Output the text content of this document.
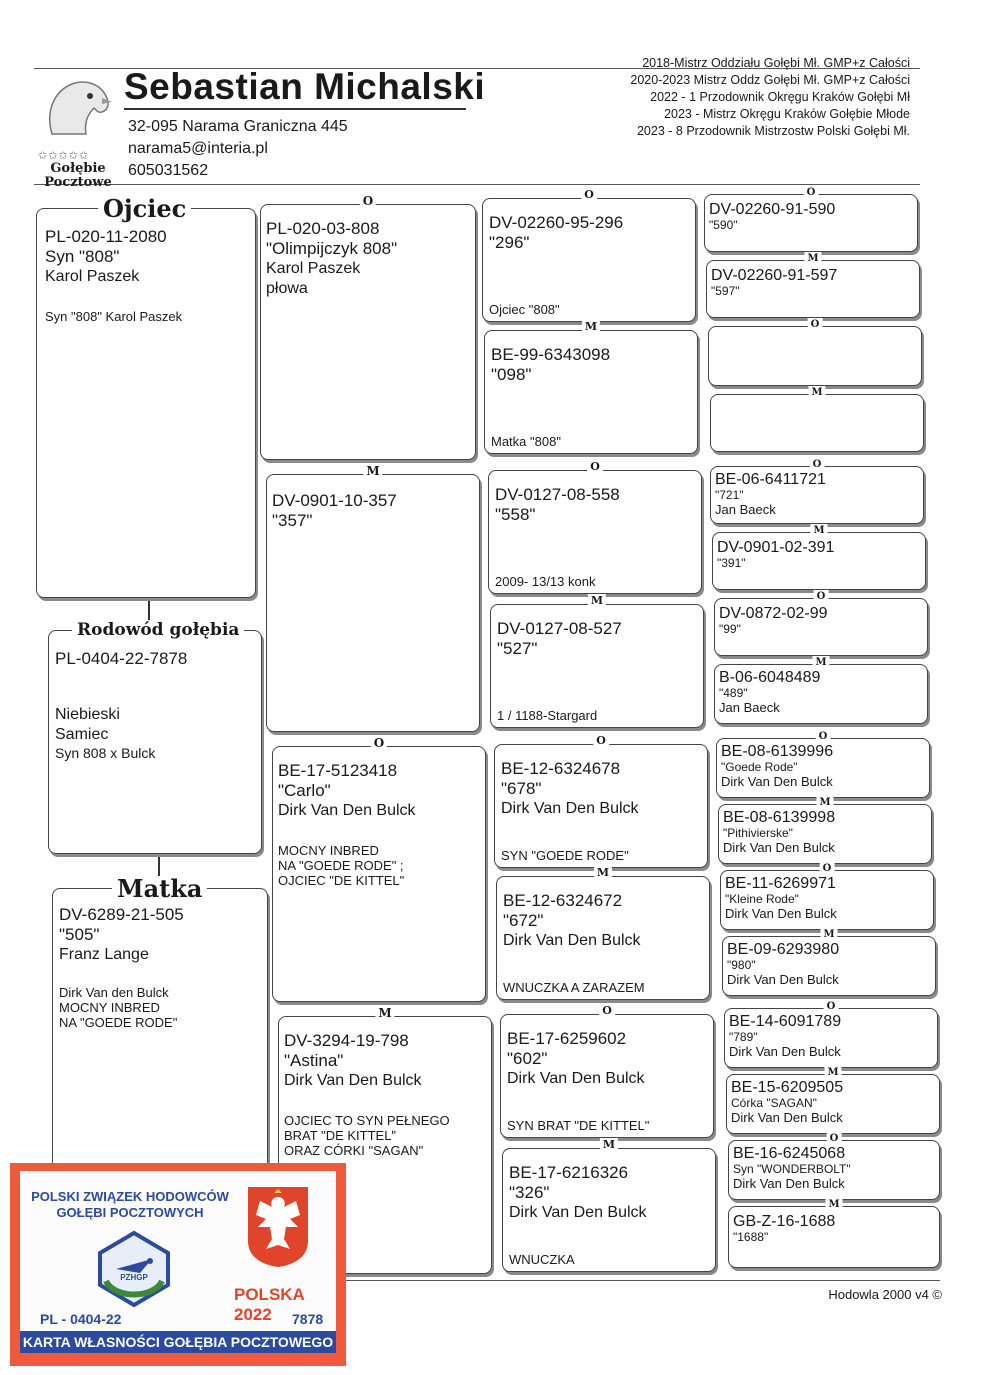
✩✩✩✩✩
Gołębie
Pocztowe
Sebastian Michalski
32-095 Narama Graniczna 445
narama5@interia.pl
605031562
2018-Mistrz Oddziału Gołębi Mł. GMP+z Całości
2020-2023 Mistrz Oddz Gołębi Mł. GMP+z Całości
2022 - 1 Przodownik Okręgu Kraków Gołębi Mł
2023 - Mistrz Okręgu Kraków Gołębie Młode
2023 - 8 Przodownik Mistrzostw Polski Gołębi Mł.
PL-020-11-2080
Syn "808"
Karol Paszek
Syn "808" Karol Paszek
Ojciec
PL-0404-22-7878
Niebieski
Samiec
Syn 808 x Bulck
Rodowód gołębia
DV-6289-21-505
"505"
Franz Lange
Dirk Van den Bulck
MOCNY INBRED
NA "GOEDE RODE"
Matka
O
PL-020-03-808
"Olimpijczyk 808"
Karol Paszek
płowa
M
DV-0901-10-357
"357"
O
BE-17-5123418
"Carlo"
Dirk Van Den Bulck
MOCNY INBRED
NA "GOEDE RODE" ;
OJCIEC "DE KITTEL"
M
DV-3294-19-798
"Astina"
Dirk Van Den Bulck
OJCIEC TO SYN PEŁNEGO
BRAT "DE KITTEL"
ORAZ CÓRKI "SAGAN"
O
DV-02260-95-296
"296"
Ojciec "808"
M
BE-99-6343098
"098"
Matka "808"
O
DV-0127-08-558
"558"
2009- 13/13 konk
M
DV-0127-08-527
"527"
1 / 1188-Stargard
O
BE-12-6324678
"678"
Dirk Van Den Bulck
SYN "GOEDE RODE"
M
BE-12-6324672
"672"
Dirk Van Den Bulck
WNUCZKA A ZARAZEM
O
BE-17-6259602
"602"
Dirk Van Den Bulck
SYN BRAT "DE KITTEL"
M
BE-17-6216326
"326"
Dirk Van Den Bulck
WNUCZKA
O
DV-02260-91-590
"590"
M
DV-02260-91-597
"597"
O
M
O
BE-06-6411721
"721"
Jan Baeck
M
DV-0901-02-391
"391"
O
DV-0872-02-99
"99"
M
B-06-6048489
"489"
Jan Baeck
O
BE-08-6139996
"Goede Rode"
Dirk Van Den Bulck
M
BE-08-6139998
"Pithivierske"
Dirk Van Den Bulck
O
BE-11-6269971
"Kleine Rode"
Dirk Van Den Bulck
M
BE-09-6293980
"980"
Dirk Van Den Bulck
O
BE-14-6091789
"789"
Dirk Van Den Bulck
M
BE-15-6209505
Córka "SAGAN"
Dirk Van Den Bulck
O
BE-16-6245068
Syn "WONDERBOLT"
Dirk Van Den Bulck
M
GB-Z-16-1688
"1688"
Hodowla 2000 v4 ©
POLSKI ZWIĄZEK HODOWCÓW
GOŁĘBI POCZTOWYCH
PZHGP
POLSKA 2022
PL - 0404-22	7878
KARTA WŁASNOŚCI GOŁĘBIA POCZTOWEGO
